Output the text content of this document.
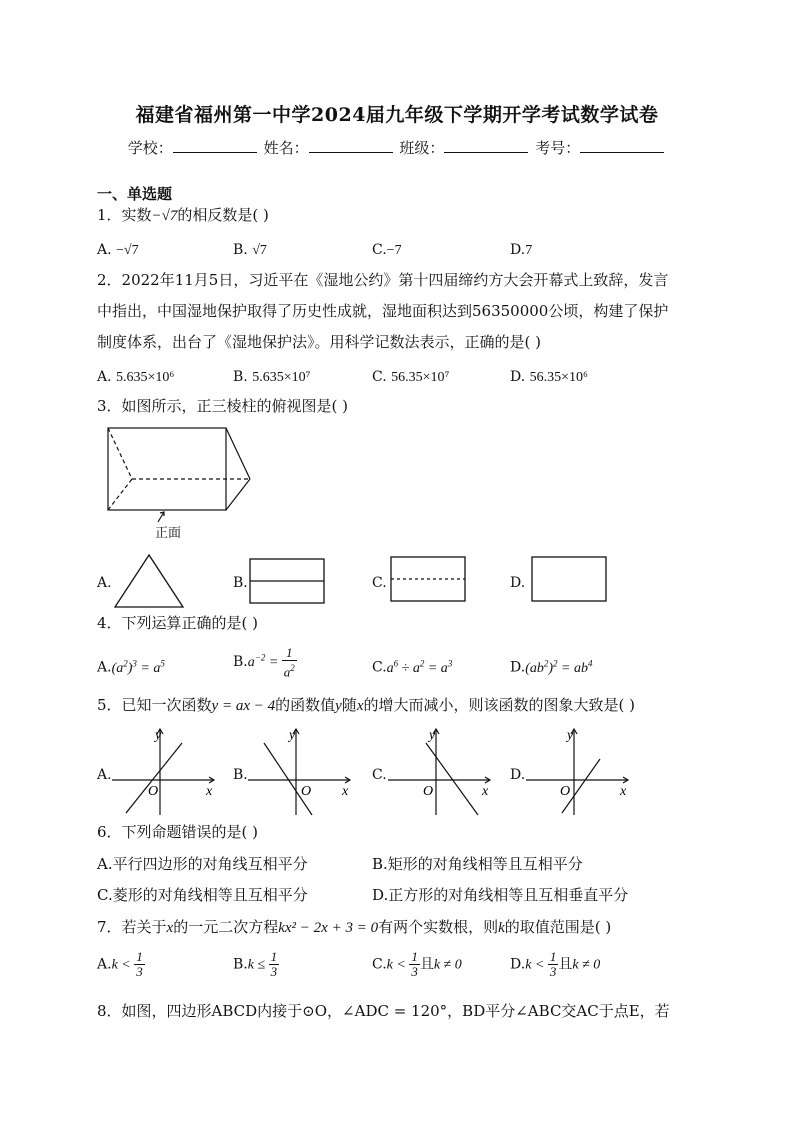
福建省福州第一中学2024届九年级下学期开学考试数学试卷
学校：	姓名：	班级：	考号：
一、单选题
1．实数−√7的相反数是( )
A. −√7	B. √7	C.−7	D.7
2．2022年11月5日，习近平在《湿地公约》第十四届缔约方大会开幕式上致辞，发言
中指出，中国湿地保护取得了历史性成就，湿地面积达到56350000公顷，构建了保护
制度体系，出台了《湿地保护法》。用科学记数法表示，正确的是( )
A. 5.635×10⁶	B. 5.635×10⁷	C. 56.35×10⁷	D. 56.35×10⁶
3．如图所示，正三棱柱的俯视图是( )
正面
A.	B.	C.	D.
4．下列运算正确的是( )
$A.(a^2)^3 = a^5$	$B.a^{-2} = \frac{1}{a^2}$	$C.a^6 \div a^2 = a^3$	$D.(ab^2)^2 = ab^4$
5．已知一次函数y = ax − 4的函数值y随x的增大而减小，则该函数的图象大致是( )
A.
y
x
O
B.
y
x
O
C.
y
x
O
D.
y
x
O
6．下列命题错误的是( )
A.平行四边形的对角线互相平分	B.矩形的对角线相等且互相平分
C.菱形的对角线相等且互相平分	D.正方形的对角线相等且互相垂直平分
7．若关于x的一元二次方程kx² − 2x + 3 = 0有两个实数根，则k的取值范围是( )
$A.k < \frac{1}{3}$	$B.k \le \frac{1}{3}$	$C.k < \frac{1}{3}$ 且k ≠ 0	$D.k < \frac{1}{3}$ 且k ≠ 0
8．如图，四边形ABCD内接于⊙O，∠ADC = 120°，BD平分∠ABC交AC于点E，若
